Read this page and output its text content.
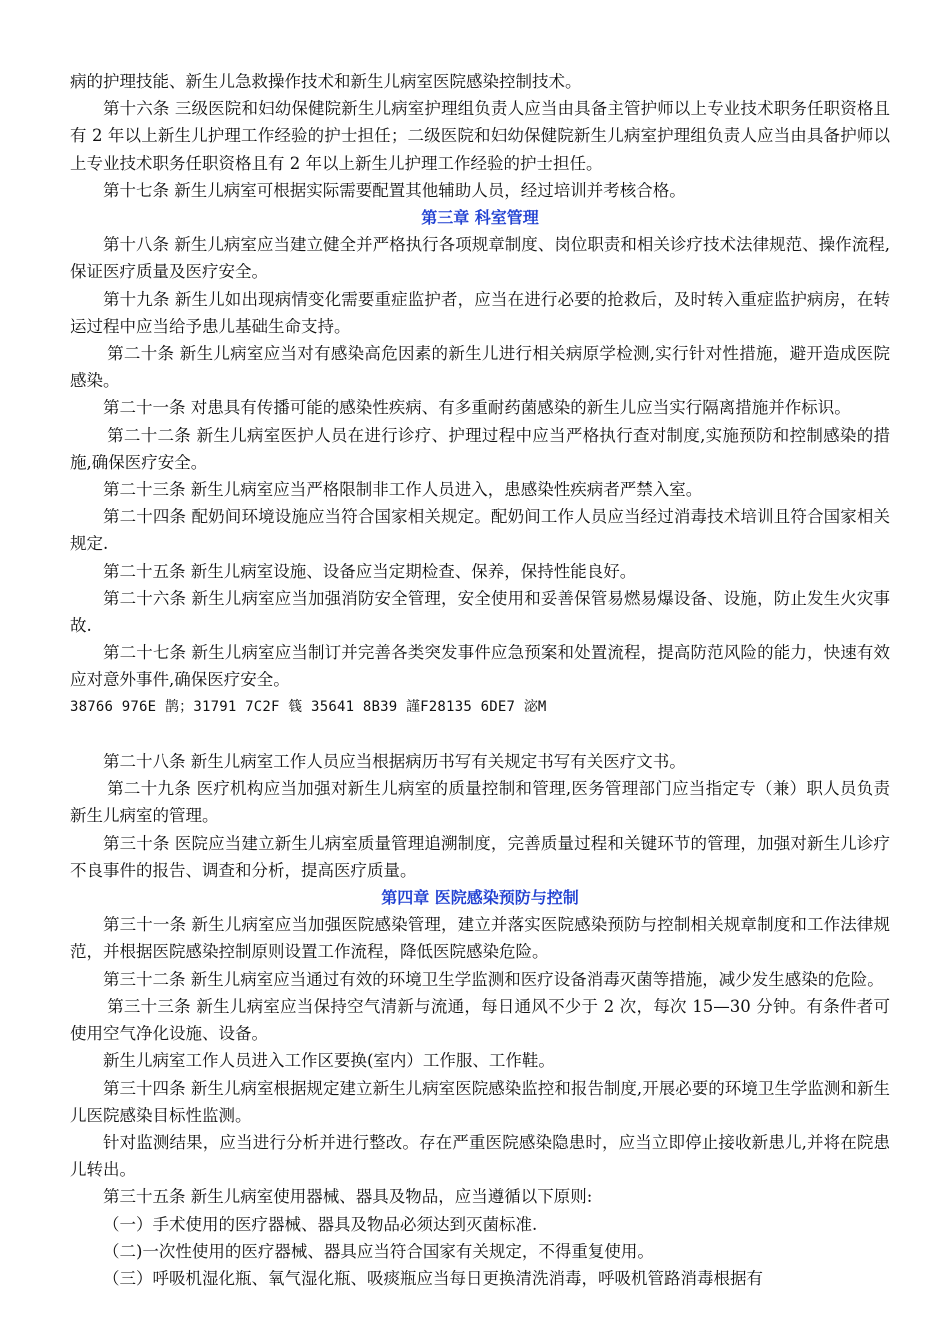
病的护理技能、新生儿急救操作技术和新生儿病室医院感染控制技术。

第十六条 三级医院和妇幼保健院新生儿病室护理组负责人应当由具备主管护师以上专业技术职务任职资格且有 2 年以上新生儿护理工作经验的护士担任；二级医院和妇幼保健院新生儿病室护理组负责人应当由具备护师以上专业技术职务任职资格且有 2 年以上新生儿护理工作经验的护士担任。

第十七条 新生儿病室可根据实际需要配置其他辅助人员，经过培训并考核合格。

第三章 科室管理

第十八条 新生儿病室应当建立健全并严格执行各项规章制度、岗位职责和相关诊疗技术法律规范、操作流程,保证医疗质量及医疗安全。

第十九条 新生儿如出现病情变化需要重症监护者，应当在进行必要的抢救后，及时转入重症监护病房，在转运过程中应当给予患儿基础生命支持。

第二十条 新生儿病室应当对有感染高危因素的新生儿进行相关病原学检测,实行针对性措施，避开造成医院感染。

第二十一条 对患具有传播可能的感染性疾病、有多重耐药菌感染的新生儿应当实行隔离措施并作标识。

第二十二条 新生儿病室医护人员在进行诊疗、护理过程中应当严格执行查对制度,实施预防和控制感染的措施,确保医疗安全。

第二十三条 新生儿病室应当严格限制非工作人员进入，患感染性疾病者严禁入室。

第二十四条 配奶间环境设施应当符合国家相关规定。配奶间工作人员应当经过消毒技术培训且符合国家相关规定.

第二十五条 新生儿病室设施、设备应当定期检查、保养，保持性能良好。

第二十六条 新生儿病室应当加强消防安全管理，安全使用和妥善保管易燃易爆设备、设施，防止发生火灾事故.

第二十七条 新生儿病室应当制订并完善各类突发事件应急预案和处置流程，提高防范风险的能力，快速有效应对意外事件,确保医疗安全。

38766 976E 鹊；31791 7C2F 篯 35641 8B39 謹F28135 6DE7 淧M

第二十八条 新生儿病室工作人员应当根据病历书写有关规定书写有关医疗文书。

第二十九条 医疗机构应当加强对新生儿病室的质量控制和管理,医务管理部门应当指定专（兼）职人员负责新生儿病室的管理。

第三十条 医院应当建立新生儿病室质量管理追溯制度，完善质量过程和关键环节的管理，加强对新生儿诊疗不良事件的报告、调查和分析，提高医疗质量。

第四章 医院感染预防与控制

第三十一条 新生儿病室应当加强医院感染管理，建立并落实医院感染预防与控制相关规章制度和工作法律规范，并根据医院感染控制原则设置工作流程，降低医院感染危险。

第三十二条 新生儿病室应当通过有效的环境卫生学监测和医疗设备消毒灭菌等措施，减少发生感染的危险。

第三十三条 新生儿病室应当保持空气清新与流通，每日通风不少于 2 次，每次 15—30 分钟。有条件者可使用空气净化设施、设备。

新生儿病室工作人员进入工作区要换(室内）工作服、工作鞋。

第三十四条 新生儿病室根据规定建立新生儿病室医院感染监控和报告制度,开展必要的环境卫生学监测和新生儿医院感染目标性监测。

针对监测结果，应当进行分析并进行整改。存在严重医院感染隐患时，应当立即停止接收新患儿,并将在院患儿转出。

第三十五条 新生儿病室使用器械、器具及物品，应当遵循以下原则:

（一）手术使用的医疗器械、器具及物品必须达到灭菌标准.

（二)一次性使用的医疗器械、器具应当符合国家有关规定，不得重复使用。

（三）呼吸机湿化瓶、氧气湿化瓶、吸痰瓶应当每日更换清洗消毒，呼吸机管路消毒根据有
